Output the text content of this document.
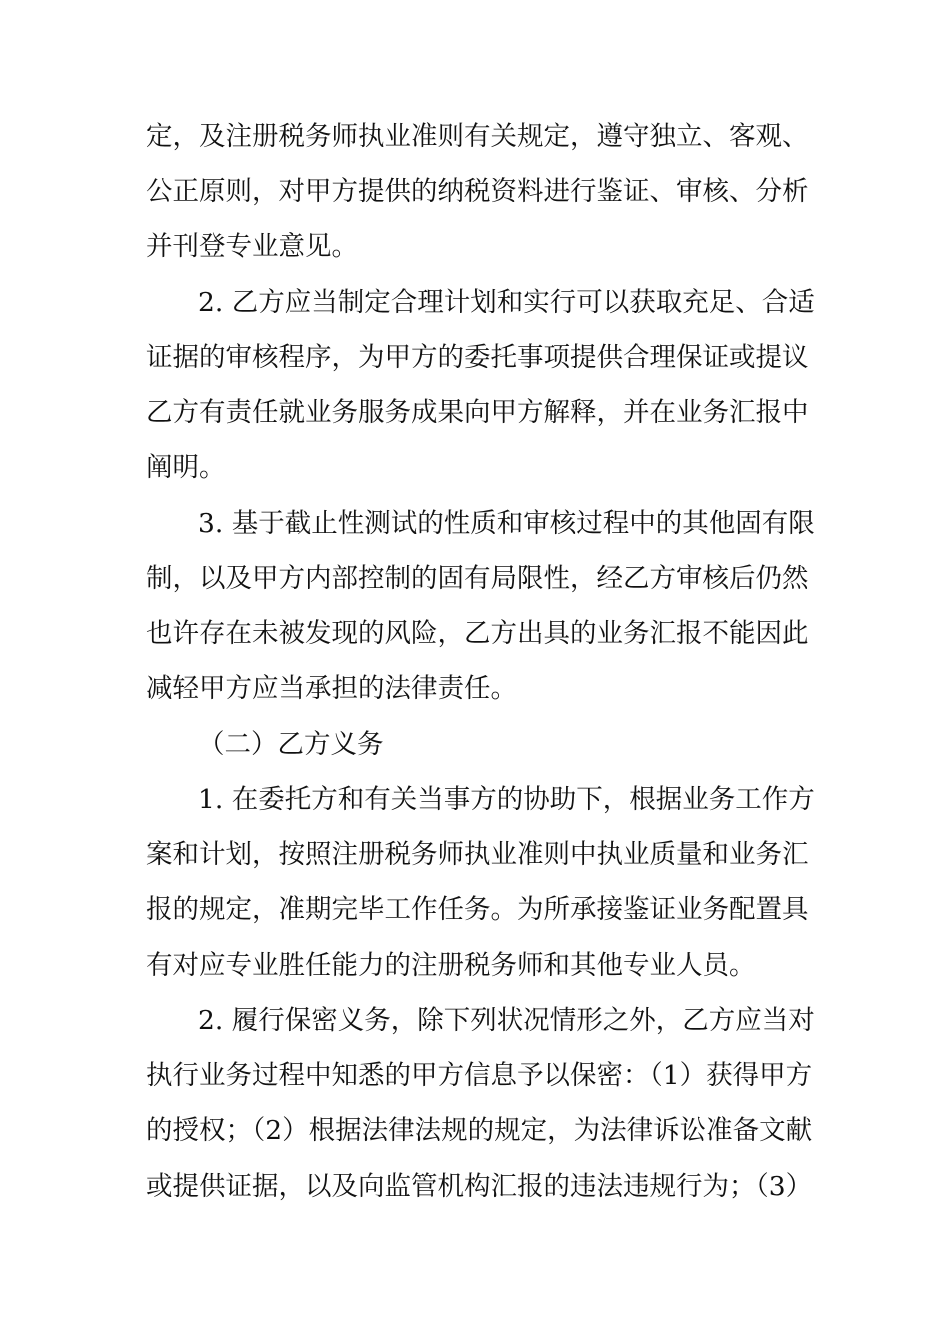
定，及注册税务师执业准则有关规定，遵守独立、客观、
公正原则，对甲方提供的纳税资料进行鉴证、审核、分析
并刊登专业意见。
2. 乙方应当制定合理计划和实行可以获取充足、合适
证据的审核程序，为甲方的委托事项提供合理保证或提议
乙方有责任就业务服务成果向甲方解释，并在业务汇报中
阐明。
3. 基于截止性测试的性质和审核过程中的其他固有限
制，以及甲方内部控制的固有局限性，经乙方审核后仍然
也许存在未被发现的风险，乙方出具的业务汇报不能因此
减轻甲方应当承担的法律责任。
（二）乙方义务
1. 在委托方和有关当事方的协助下，根据业务工作方
案和计划，按照注册税务师执业准则中执业质量和业务汇
报的规定，准期完毕工作任务。为所承接鉴证业务配置具
有对应专业胜任能力的注册税务师和其他专业人员。
2. 履行保密义务，除下列状况情形之外，乙方应当对
执行业务过程中知悉的甲方信息予以保密：（1）获得甲方
的授权；（2）根据法律法规的规定，为法律诉讼准备文献
或提供证据，以及向监管机构汇报的违法违规行为；（3）
